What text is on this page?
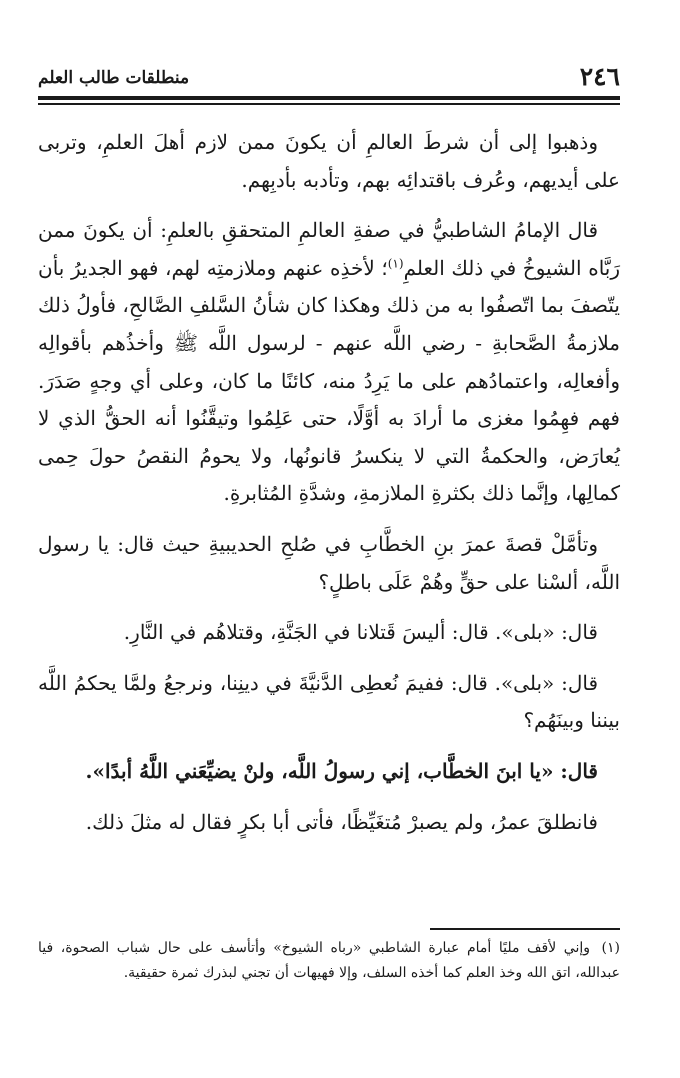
٢٤٦
منطلقات طالب العلم

وذهبوا إلى أن شرطَ العالمِ أن يكونَ ممن لازم أهلَ العلمِ، وتربى على أيديهم، وعُرف باقتدائِه بهم، وتأدبه بأدبِهم.

قال الإمامُ الشاطبيُّ في صفةِ العالمِ المتحققِ بالعلمِ: أن يكونَ ممن رَبَّاه الشيوخُ في ذلك العلمِ$^{(١)}$؛ لأخذِه عنهم وملازمتِه لهم، فهو الجديرُ بأن يتّصفَ بما اتّصفُوا به من ذلك وهكذا كان شأنُ السَّلفِ الصَّالحِ، فأولُ ذلك ملازمةُ الصَّحابةِ - رضي اللَّه عنهم - لرسول اللَّه ﷺ وأخذُهم بأقوالِه وأفعالِه، واعتمادُهم على ما يَرِدُ منه، كائنًا ما كان، وعلى أي وجهٍ صَدَرَ. فهم فهِمُوا مغزى ما أرادَ به أوَّلًا، حتى عَلِمُوا وتيقَّنُوا أنه الحقُّ الذي لا يُعارَض، والحكمةُ التي لا ينكسرُ قانونُها، ولا يحومُ النقصُ حولَ حِمى كمالِها، وإنَّما ذلك بكثرةِ الملازمةِ، وشدَّةِ المُثابرةِ.

وتأمَّلْ قصةَ عمرَ بنِ الخطَّابِ في صُلحِ الحديبيةِ حيث قال: يا رسول اللَّه، ألسْنا على حقٍّ وهُمْ عَلَى باطلٍ؟

قال: «بلى». قال: أليسَ قَتلانا في الجَنَّةِ، وقتلاهُم في النَّارِ.

قال: «بلى». قال: ففيمَ نُعطِى الدَّنيَّةَ في دينِنا، ونرجعُ ولمَّا يحكمُ اللَّه بيننا وبينَهُم؟

قال: «يا ابنَ الخطَّاب، إني رسولُ اللَّه، ولنْ يضيِّعَني اللَّهُ أبدًا».

فانطلقَ عمرُ، ولم يصبرْ مُتغَيِّظًا، فأتى أبا بكرٍ فقال له مثلَ ذلك.

(١)وإني لأقف مليًا أمام عبارة الشاطبي «رباه الشيوخ» وأتأسف على حال شباب الصحوة، فيا عبدالله، اتق الله وخذ العلم كما أخذه السلف، وإلا فهيهات أن تجني لبذرك ثمرة حقيقية.
